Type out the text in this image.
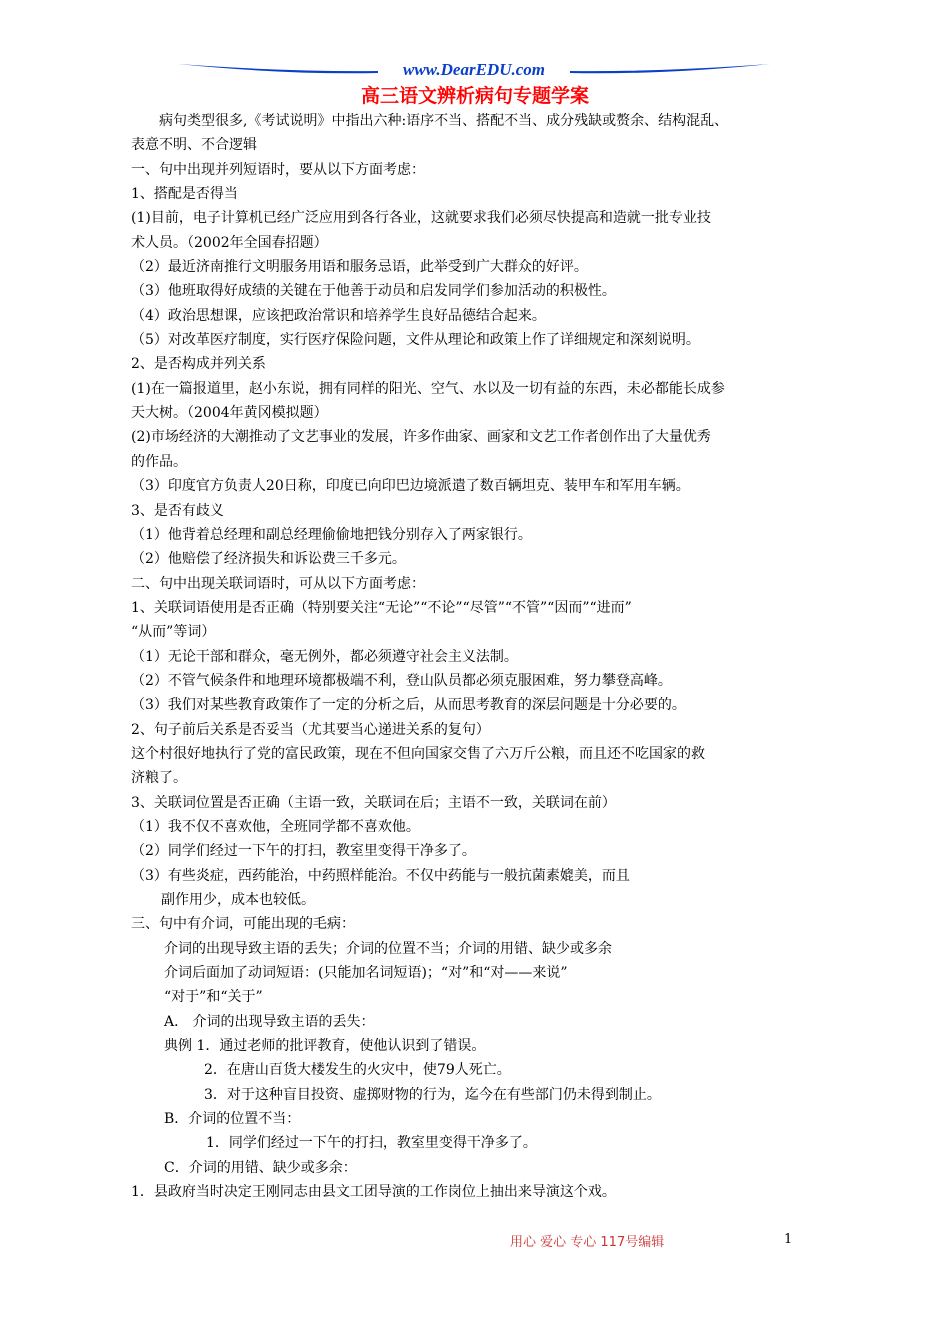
www.DearEDU.com
高三语文辨析病句专题学案
病句类型很多,《考试说明》中指出六种:语序不当、搭配不当、成分残缺或赘余、结构混乱、
表意不明、不合逻辑
一、句中出现并列短语时，要从以下方面考虑：
1、搭配是否得当
(1)目前，电子计算机已经广泛应用到各行各业，这就要求我们必须尽快提高和造就一批专业技
术人员。（2002年全国春招题）
（2）最近济南推行文明服务用语和服务忌语，此举受到广大群众的好评。
（3）他班取得好成绩的关键在于他善于动员和启发同学们参加活动的积极性。
（4）政治思想课，应该把政治常识和培养学生良好品德结合起来。
（5）对改革医疗制度，实行医疗保险问题，文件从理论和政策上作了详细规定和深刻说明。
2、是否构成并列关系
(1)在一篇报道里，赵小东说，拥有同样的阳光、空气、水以及一切有益的东西，未必都能长成参
天大树。（2004年黄冈模拟题）
(2)市场经济的大潮推动了文艺事业的发展，许多作曲家、画家和文艺工作者创作出了大量优秀
的作品。
（3）印度官方负责人20日称，印度已向印巴边境派遣了数百辆坦克、装甲车和军用车辆。
3、是否有歧义
（1）他背着总经理和副总经理偷偷地把钱分别存入了两家银行。
（2）他赔偿了经济损失和诉讼费三千多元。
二、句中出现关联词语时，可从以下方面考虑：
1、关联词语使用是否正确（特别要关注“无论”“不论”“尽管”“不管”“因而”“进而”
“从而”等词）
（1）无论干部和群众，毫无例外，都必须遵守社会主义法制。
（2）不管气候条件和地理环境都极端不利，登山队员都必须克服困难，努力攀登高峰。
（3）我们对某些教育政策作了一定的分析之后，从而思考教育的深层问题是十分必要的。
2、句子前后关系是否妥当（尤其要当心递进关系的复句）
这个村很好地执行了党的富民政策，现在不但向国家交售了六万斤公粮，而且还不吃国家的救
济粮了。
3、关联词位置是否正确（主语一致，关联词在后；主语不一致，关联词在前）
（1）我不仅不喜欢他，全班同学都不喜欢他。
（2）同学们经过一下午的打扫，教室里变得干净多了。
（3）有些炎症，西药能治，中药照样能治。不仅中药能与一般抗菌素媲美，而且
副作用少，成本也较低。
三、句中有介词，可能出现的毛病：
介词的出现导致主语的丢失；介词的位置不当；介词的用错、缺少或多余
介词后面加了动词短语：(只能加名词短语)；“对”和“对——来说”
“对于”和“关于”
A． 介词的出现导致主语的丢失：
典例 1．通过老师的批评教育，使他认识到了错误。
2．在唐山百货大楼发生的火灾中，使79人死亡。
3．对于这种盲目投资、虚掷财物的行为，迄今在有些部门仍未得到制止。
B．介词的位置不当：
1．同学们经过一下午的打扫，教室里变得干净多了。
C．介词的用错、缺少或多余：
1．县政府当时决定王刚同志由县文工团导演的工作岗位上抽出来导演这个戏。
用心 爱心 专心 117号编辑	1
